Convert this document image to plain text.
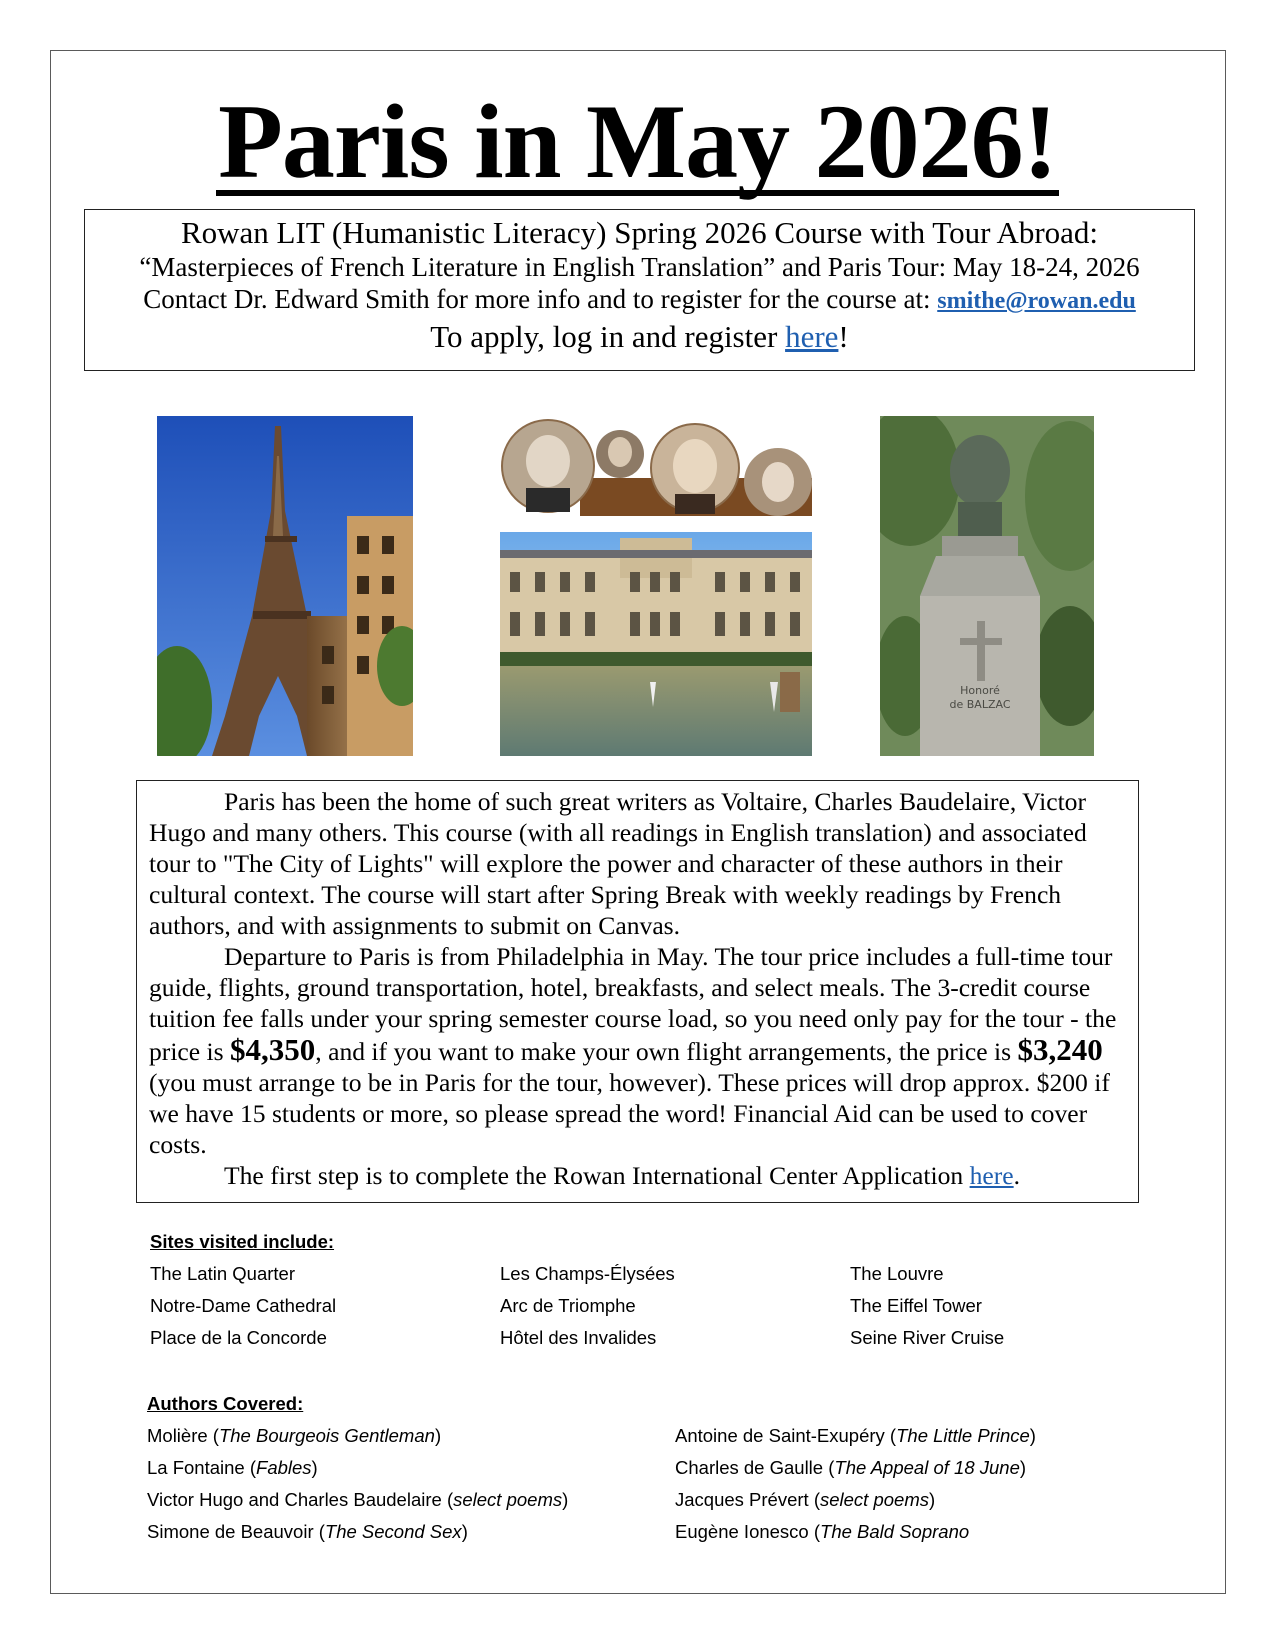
Paris in May 2026!
Rowan LIT (Humanistic Literacy) Spring 2026 Course with Tour Abroad:
“Masterpieces of French Literature in English Translation” and Paris Tour: May 18-24, 2026
Contact Dr. Edward Smith for more info and to register for the course at: smithe@rowan.edu
To apply, log in and register here!
Honoré
de BALZAC

Paris has been the home of such great writers as Voltaire, Charles Baudelaire, Victor Hugo and many others. This course (with all readings in English translation) and associated tour to "The City of Lights" will explore the power and character of these authors in their cultural context. The course will start after Spring Break with weekly readings by French authors, and with assignments to submit on Canvas.

Departure to Paris is from Philadelphia in May. The tour price includes a full-time tour guide, flights, ground transportation, hotel, breakfasts, and select meals. The 3-credit course tuition fee falls under your spring semester course load, so you need only pay for the tour - the price is $4,350, and if you want to make your own flight arrangements, the price is $3,240 (you must arrange to be in Paris for the tour, however). These prices will drop approx. $200 if we have 15 students or more, so please spread the word! Financial Aid can be used to cover costs.

The first step is to complete the Rowan International Center Application here.

Sites visited include:
The Latin Quarter	Les Champs-Élysées	The Louvre
Notre-Dame Cathedral	Arc de Triomphe	The Eiffel Tower
Place de la Concorde	Hôtel des Invalides	Seine River Cruise
Authors Covered:
Molière (The Bourgeois Gentleman)	Antoine de Saint-Exupéry (The Little Prince)
La Fontaine (Fables)	Charles de Gaulle (The Appeal of 18 June)
Victor Hugo and Charles Baudelaire (select poems)	Jacques Prévert (select poems)
Simone de Beauvoir (The Second Sex)	Eugène Ionesco (The Bald Soprano
